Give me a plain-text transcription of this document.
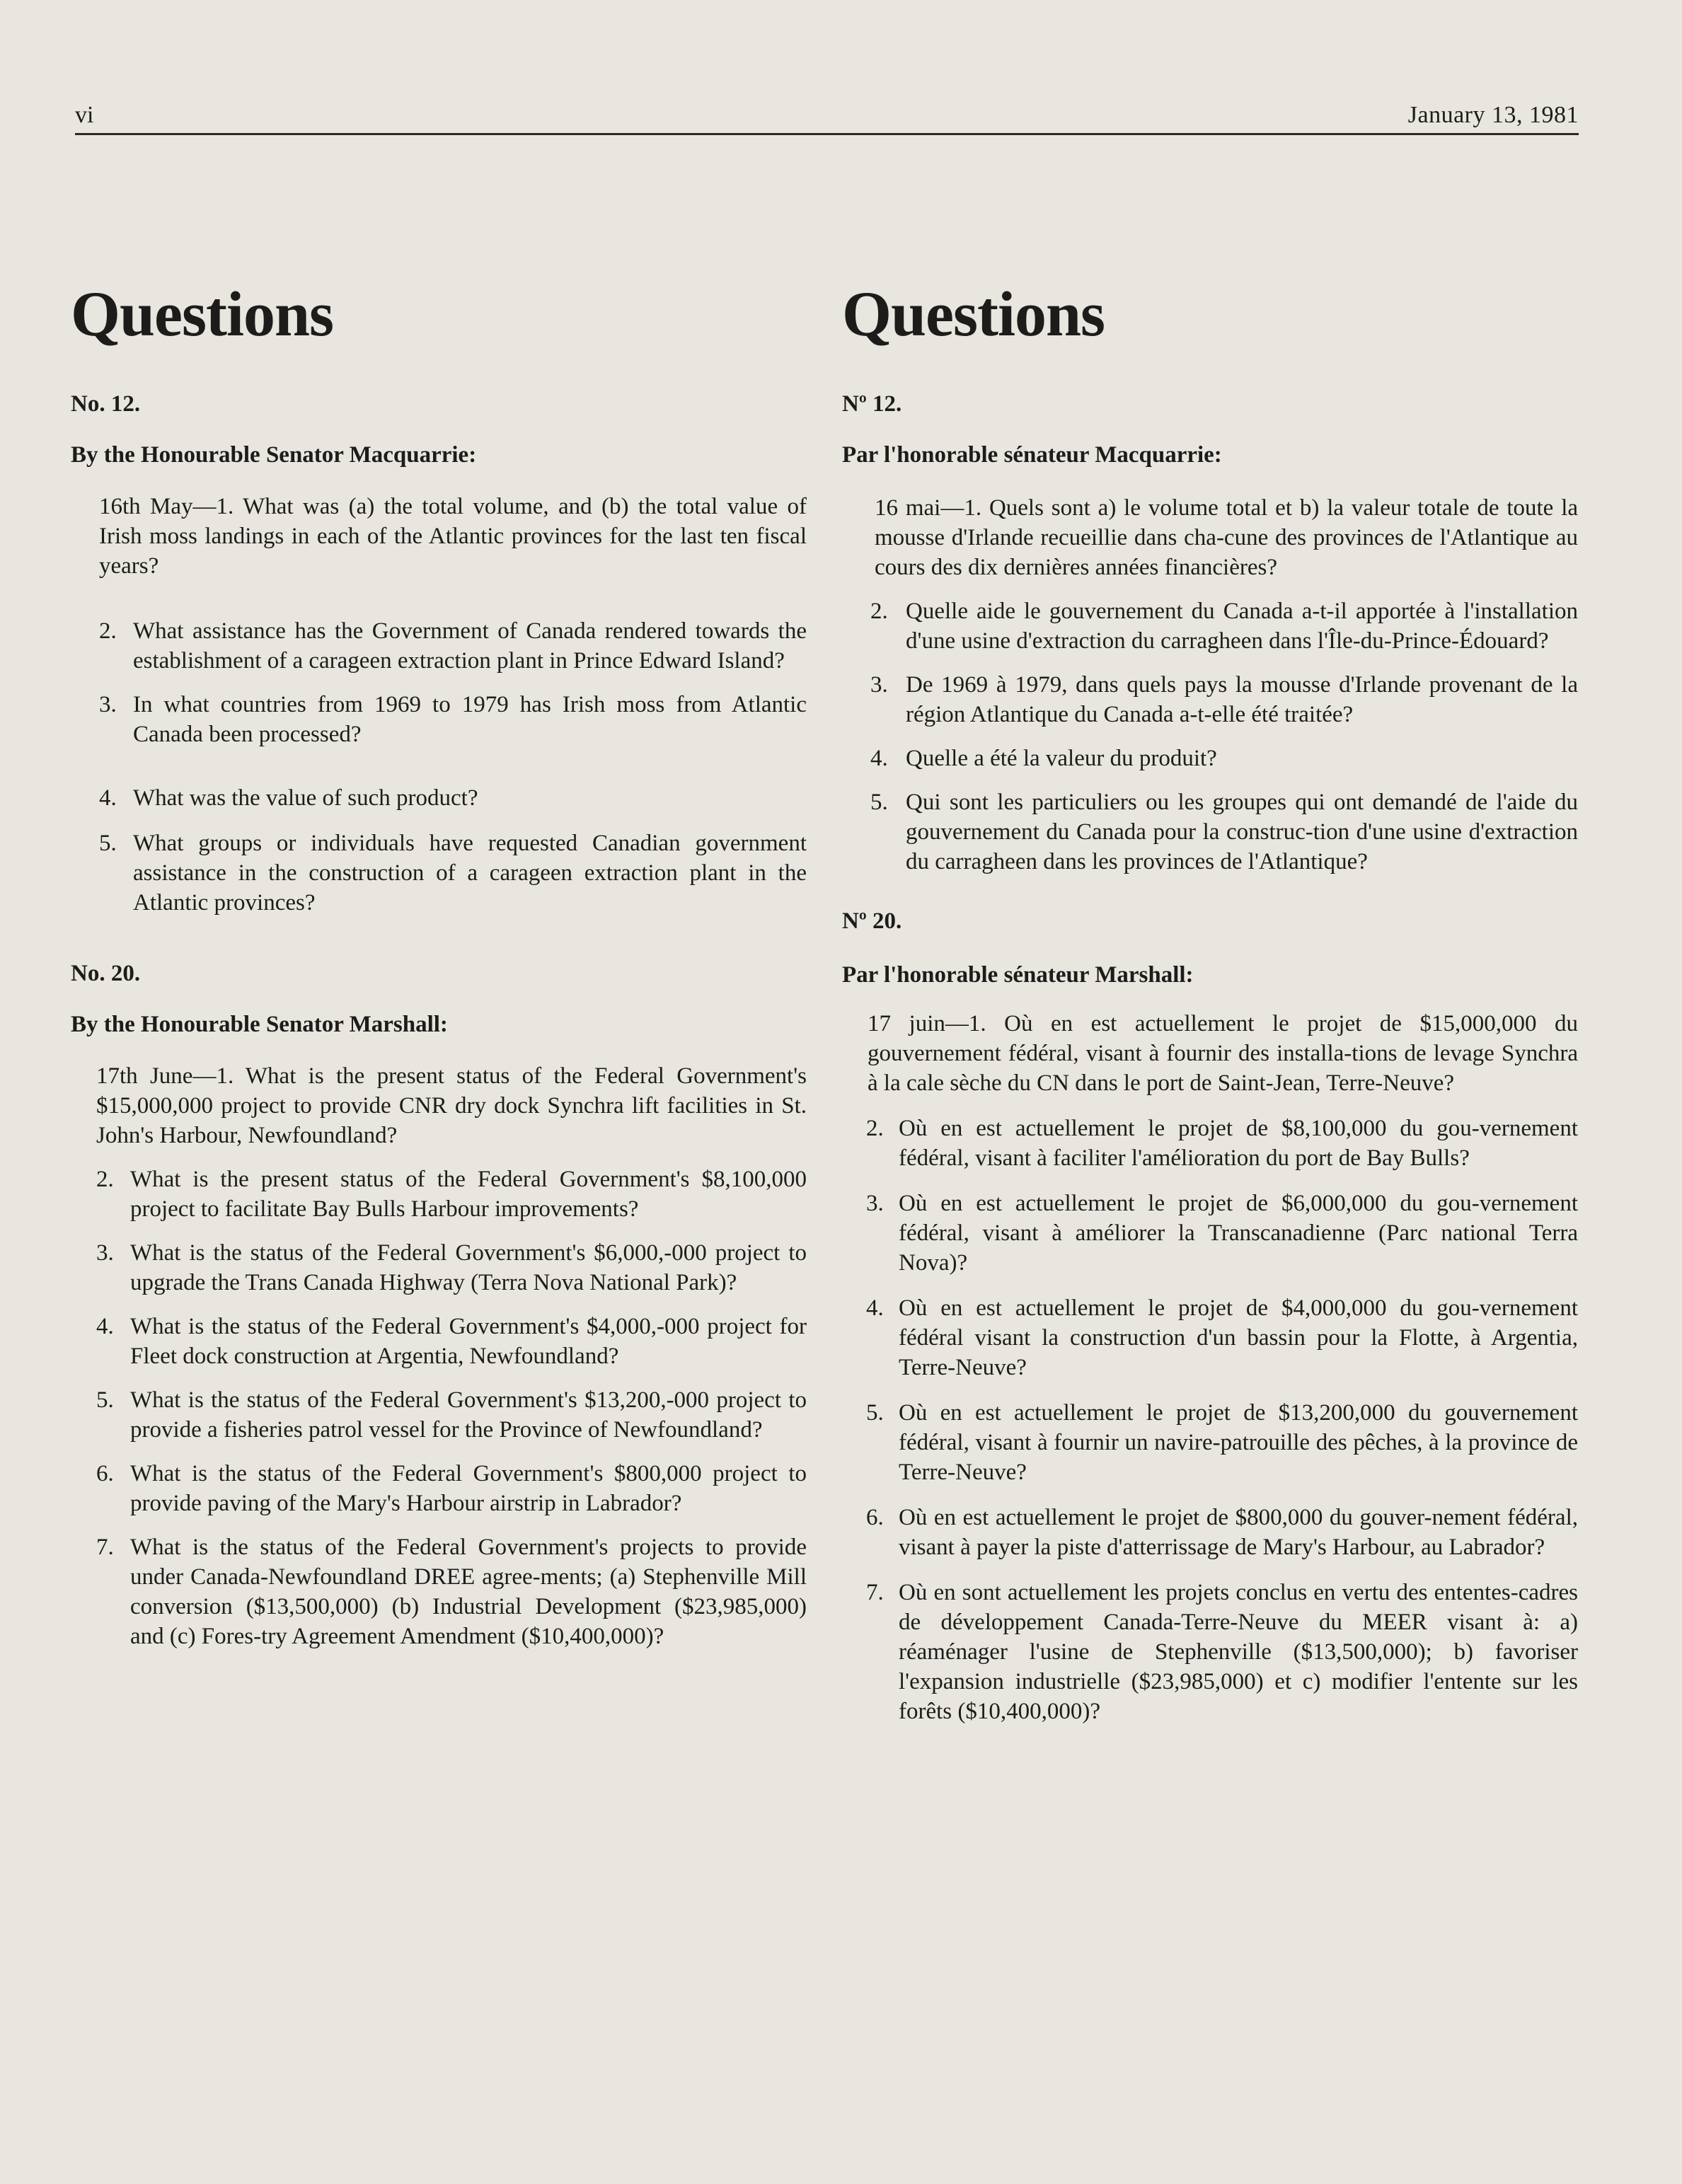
vi	January 13, 1981
Questions

No. 12.

By the Honourable Senator Macquarrie:

16th May—1. What was (a) the total volume, and (b) the total value of Irish moss landings in each of the Atlantic provinces for the last ten fiscal years?
2. What assistance has the Government of Canada rendered towards the establishment of a carageen extraction plant in Prince Edward Island?
3. In what countries from 1969 to 1979 has Irish moss from Atlantic Canada been processed?
4. What was the value of such product?
5. What groups or individuals have requested Canadian government assistance in the construction of a carageen extraction plant in the Atlantic provinces?

No. 20.

By the Honourable Senator Marshall:

17th June—1. What is the present status of the Federal Government's $15,000,000 project to provide CNR dry dock Synchra lift facilities in St. John's Harbour, Newfoundland?
2. What is the present status of the Federal Government's $8,100,000 project to facilitate Bay Bulls Harbour improvements?
3. What is the status of the Federal Government's $6,000,-000 project to upgrade the Trans Canada Highway (Terra Nova National Park)?
4. What is the status of the Federal Government's $4,000,-000 project for Fleet dock construction at Argentia, Newfoundland?
5. What is the status of the Federal Government's $13,200,-000 project to provide a fisheries patrol vessel for the Province of Newfoundland?
6. What is the status of the Federal Government's $800,000 project to provide paving of the Mary's Harbour airstrip in Labrador?
7. What is the status of the Federal Government's projects to provide under Canada-Newfoundland DREE agree-ments; (a) Stephenville Mill conversion ($13,500,000) (b) Industrial Development ($23,985,000) and (c) Fores-try Agreement Amendment ($10,400,000)?
Questions

Nº 12.

Par l'honorable sénateur Macquarrie:

16 mai—1. Quels sont a) le volume total et b) la valeur totale de toute la mousse d'Irlande recueillie dans cha-cune des provinces de l'Atlantique au cours des dix dernières années financières?
2. Quelle aide le gouvernement du Canada a-t-il apportée à l'installation d'une usine d'extraction du carragheen dans l'Île-du-Prince-Édouard?
3. De 1969 à 1979, dans quels pays la mousse d'Irlande provenant de la région Atlantique du Canada a-t-elle été traitée?
4. Quelle a été la valeur du produit?
5. Qui sont les particuliers ou les groupes qui ont demandé de l'aide du gouvernement du Canada pour la construc-tion d'une usine d'extraction du carragheen dans les provinces de l'Atlantique?

Nº 20.

Par l'honorable sénateur Marshall:

17 juin—1. Où en est actuellement le projet de $15,000,000 du gouvernement fédéral, visant à fournir des installa-tions de levage Synchra à la cale sèche du CN dans le port de Saint-Jean, Terre-Neuve?
2. Où en est actuellement le projet de $8,100,000 du gou-vernement fédéral, visant à faciliter l'amélioration du port de Bay Bulls?
3. Où en est actuellement le projet de $6,000,000 du gou-vernement fédéral, visant à améliorer la Transcanadienne (Parc national Terra Nova)?
4. Où en est actuellement le projet de $4,000,000 du gou-vernement fédéral visant la construction d'un bassin pour la Flotte, à Argentia, Terre-Neuve?
5. Où en est actuellement le projet de $13,200,000 du gouvernement fédéral, visant à fournir un navire-patrouille des pêches, à la province de Terre-Neuve?
6. Où en est actuellement le projet de $800,000 du gouver-nement fédéral, visant à payer la piste d'atterrissage de Mary's Harbour, au Labrador?
7. Où en sont actuellement les projets conclus en vertu des ententes-cadres de développement Canada-Terre-Neuve du MEER visant à: a) réaménager l'usine de Stephenville ($13,500,000); b) favoriser l'expansion industrielle ($23,985,000) et c) modifier l'entente sur les forêts ($10,400,000)?
